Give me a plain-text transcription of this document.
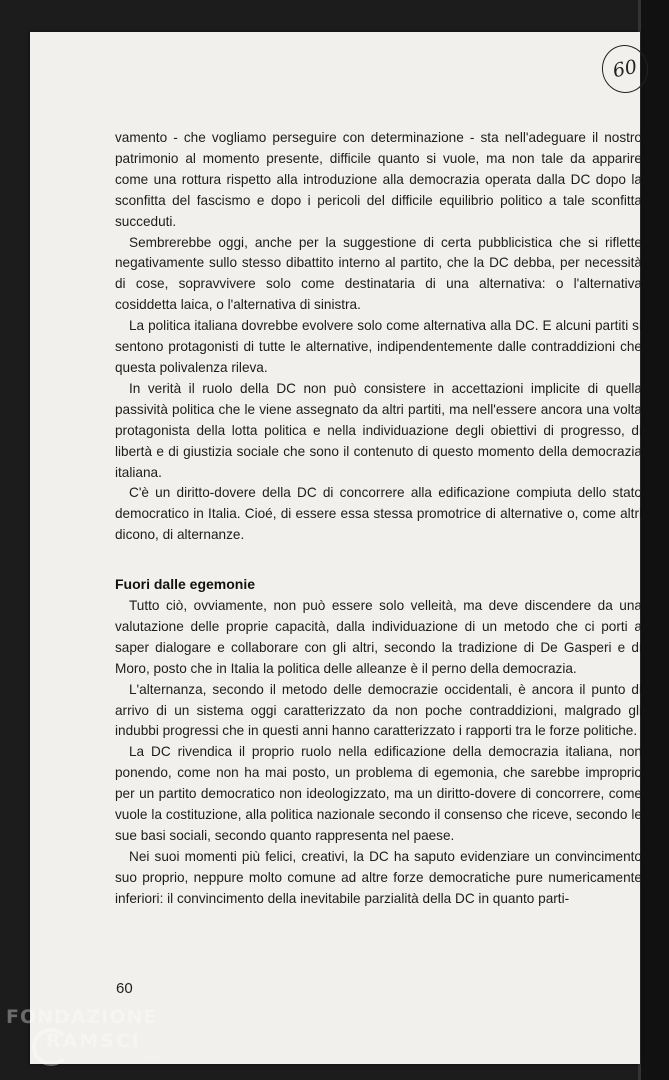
60

vamento - che vogliamo perseguire con determinazione - sta nell'adeguare il nostro patrimonio al momento presente, difficile quanto si vuole, ma non tale da apparire come una rottura rispetto alla introduzione alla democrazia operata dalla DC dopo la sconfitta del fascismo e dopo i pericoli del difficile equilibrio politico a tale sconfitta succeduti.

Sembrerebbe oggi, anche per la suggestione di certa pubblicistica che si riflette negativamente sullo stesso dibattito interno al partito, che la DC debba, per necessità di cose, sopravvivere solo come destinataria di una alternativa: o l'alternativa cosiddetta laica, o l'alternativa di sinistra.

La politica italiana dovrebbe evolvere solo come alternativa alla DC. E alcuni partiti si sentono protagonisti di tutte le alternative, indipendentemente dalle contraddizioni che questa polivalenza rileva.

In verità il ruolo della DC non può consistere in accettazioni implicite di quella passività politica che le viene assegnato da altri partiti, ma nell'essere ancora una volta protagonista della lotta politica e nella individuazione degli obiettivi di progresso, di libertà e di giustizia sociale che sono il contenuto di questo momento della democrazia italiana.

C'è un diritto-dovere della DC di concorrere alla edificazione compiuta dello stato democratico in Italia. Cioé, di essere essa stessa promotrice di alternative o, come altri dicono, di alternanze.

Fuori dalle egemonie

Tutto ciò, ovviamente, non può essere solo velleità, ma deve discendere da una valutazione delle proprie capacità, dalla individuazione di un metodo che ci porti a saper dialogare e collaborare con gli altri, secondo la tradizione di De Gasperi e di Moro, posto che in Italia la politica delle alleanze è il perno della democrazia.

L'alternanza, secondo il metodo delle democrazie occidentali, è ancora il punto di arrivo di un sistema oggi caratterizzato da non poche contraddizioni, malgrado gli indubbi progressi che in questi anni hanno caratterizzato i rapporti tra le forze politiche.

La DC rivendica il proprio ruolo nella edificazione della democrazia italiana, non ponendo, come non ha mai posto, un problema di egemonia, che sarebbe improprio per un partito democratico non ideologizzato, ma un diritto-dovere di concorrere, come vuole la costituzione, alla politica nazionale secondo il consenso che riceve, secondo le sue basi sociali, secondo quanto rappresenta nel paese.

Nei suoi momenti più felici, creativi, la DC ha saputo evidenziare un convincimento suo proprio, neppure molto comune ad altre forze democratiche pure numericamente inferiori: il convincimento della inevitabile parzialità della DC in quanto parti-

60
FONDAZIONE
RAMSCI
onlus
